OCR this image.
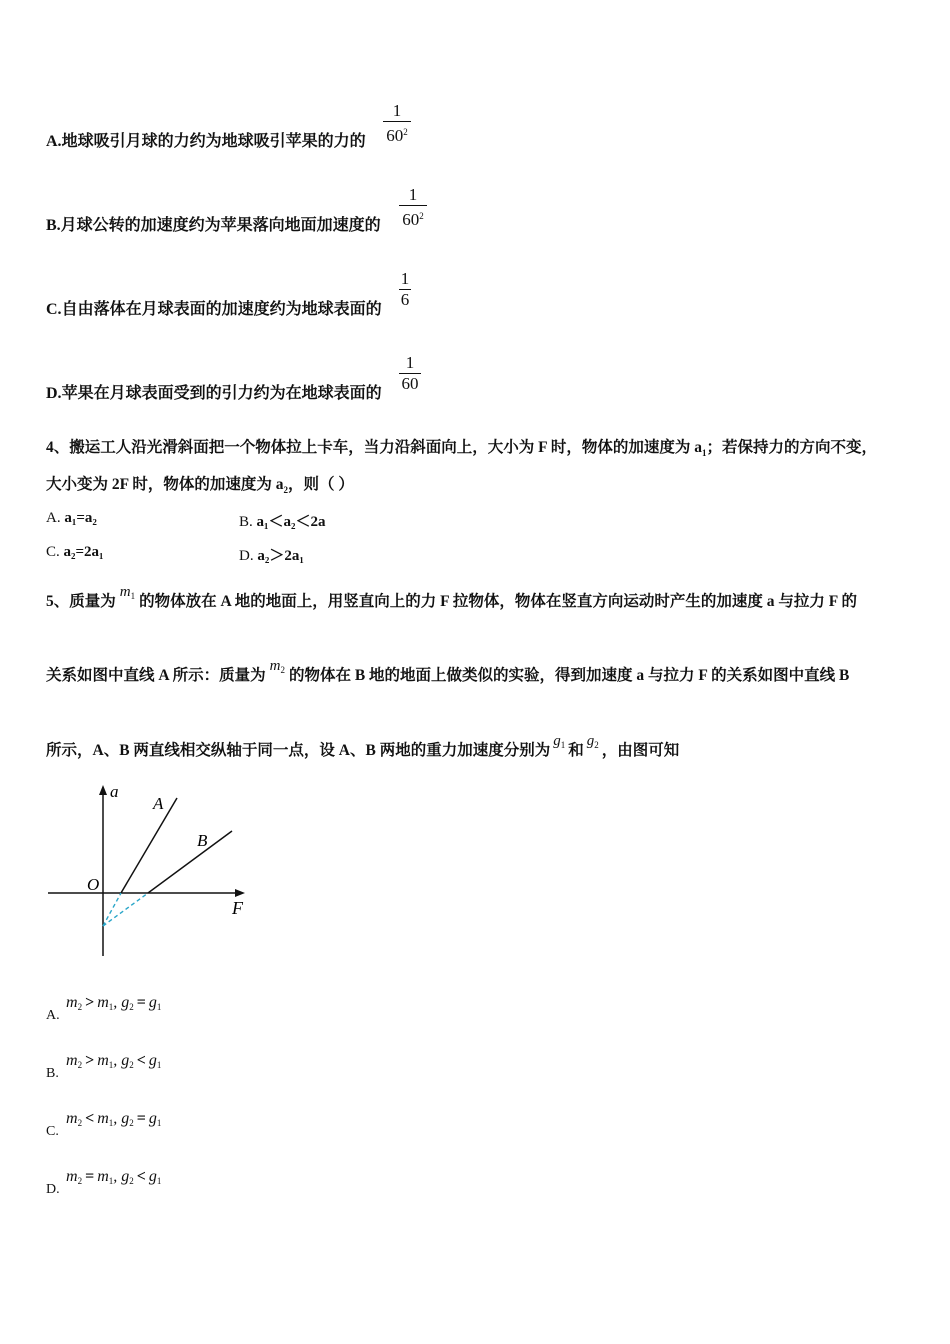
A.地球吸引月球的力约为地球吸引苹果的力的
1
$60^2$
B.月球公转的加速度约为苹果落向地面加速度的
1
$60^2$
C.自由落体在月球表面的加速度约为地球表面的
1
6
D.苹果在月球表面受到的引力约为在地球表面的
1
60
4、搬运工人沿光滑斜面把一个物体拉上卡车，当力沿斜面向上，大小为 F 时，物体的加速度为 $a_1$；若保持力的方向不变，
大小变为 2F 时，物体的加速度为 $a_2$，则（ ）
A. a₁=a₂	B. a₁＜a₂＜2a
C. a₂=2a₁	D. a₂＞2a₁
5、质量为$m_1$ 的物体放在 A 地的地面上，用竖直向上的力 F 拉物体，物体在竖直方向运动时产生的加速度 a 与拉力 F 的
关系如图中直线 A 所示：质量为$m_2$ 的物体在 B 地的地面上做类似的实验，得到加速度 a 与拉力 F 的关系如图中直线 B
所示，A、B 两直线相交纵轴于同一点，设 A、B 两地的重力加速度分别为$g_1$ 和$g_2$ ，由图可知
a
F
O
A
B
A.
$m_2 > m_1$, $g_2 = g_1$
B.
$m_2 > m_1$, $g_2 < g_1$
C.
$m_2 < m_1$, $g_2 = g_1$
D.
$m_2 = m_1$, $g_2 < g_1$
